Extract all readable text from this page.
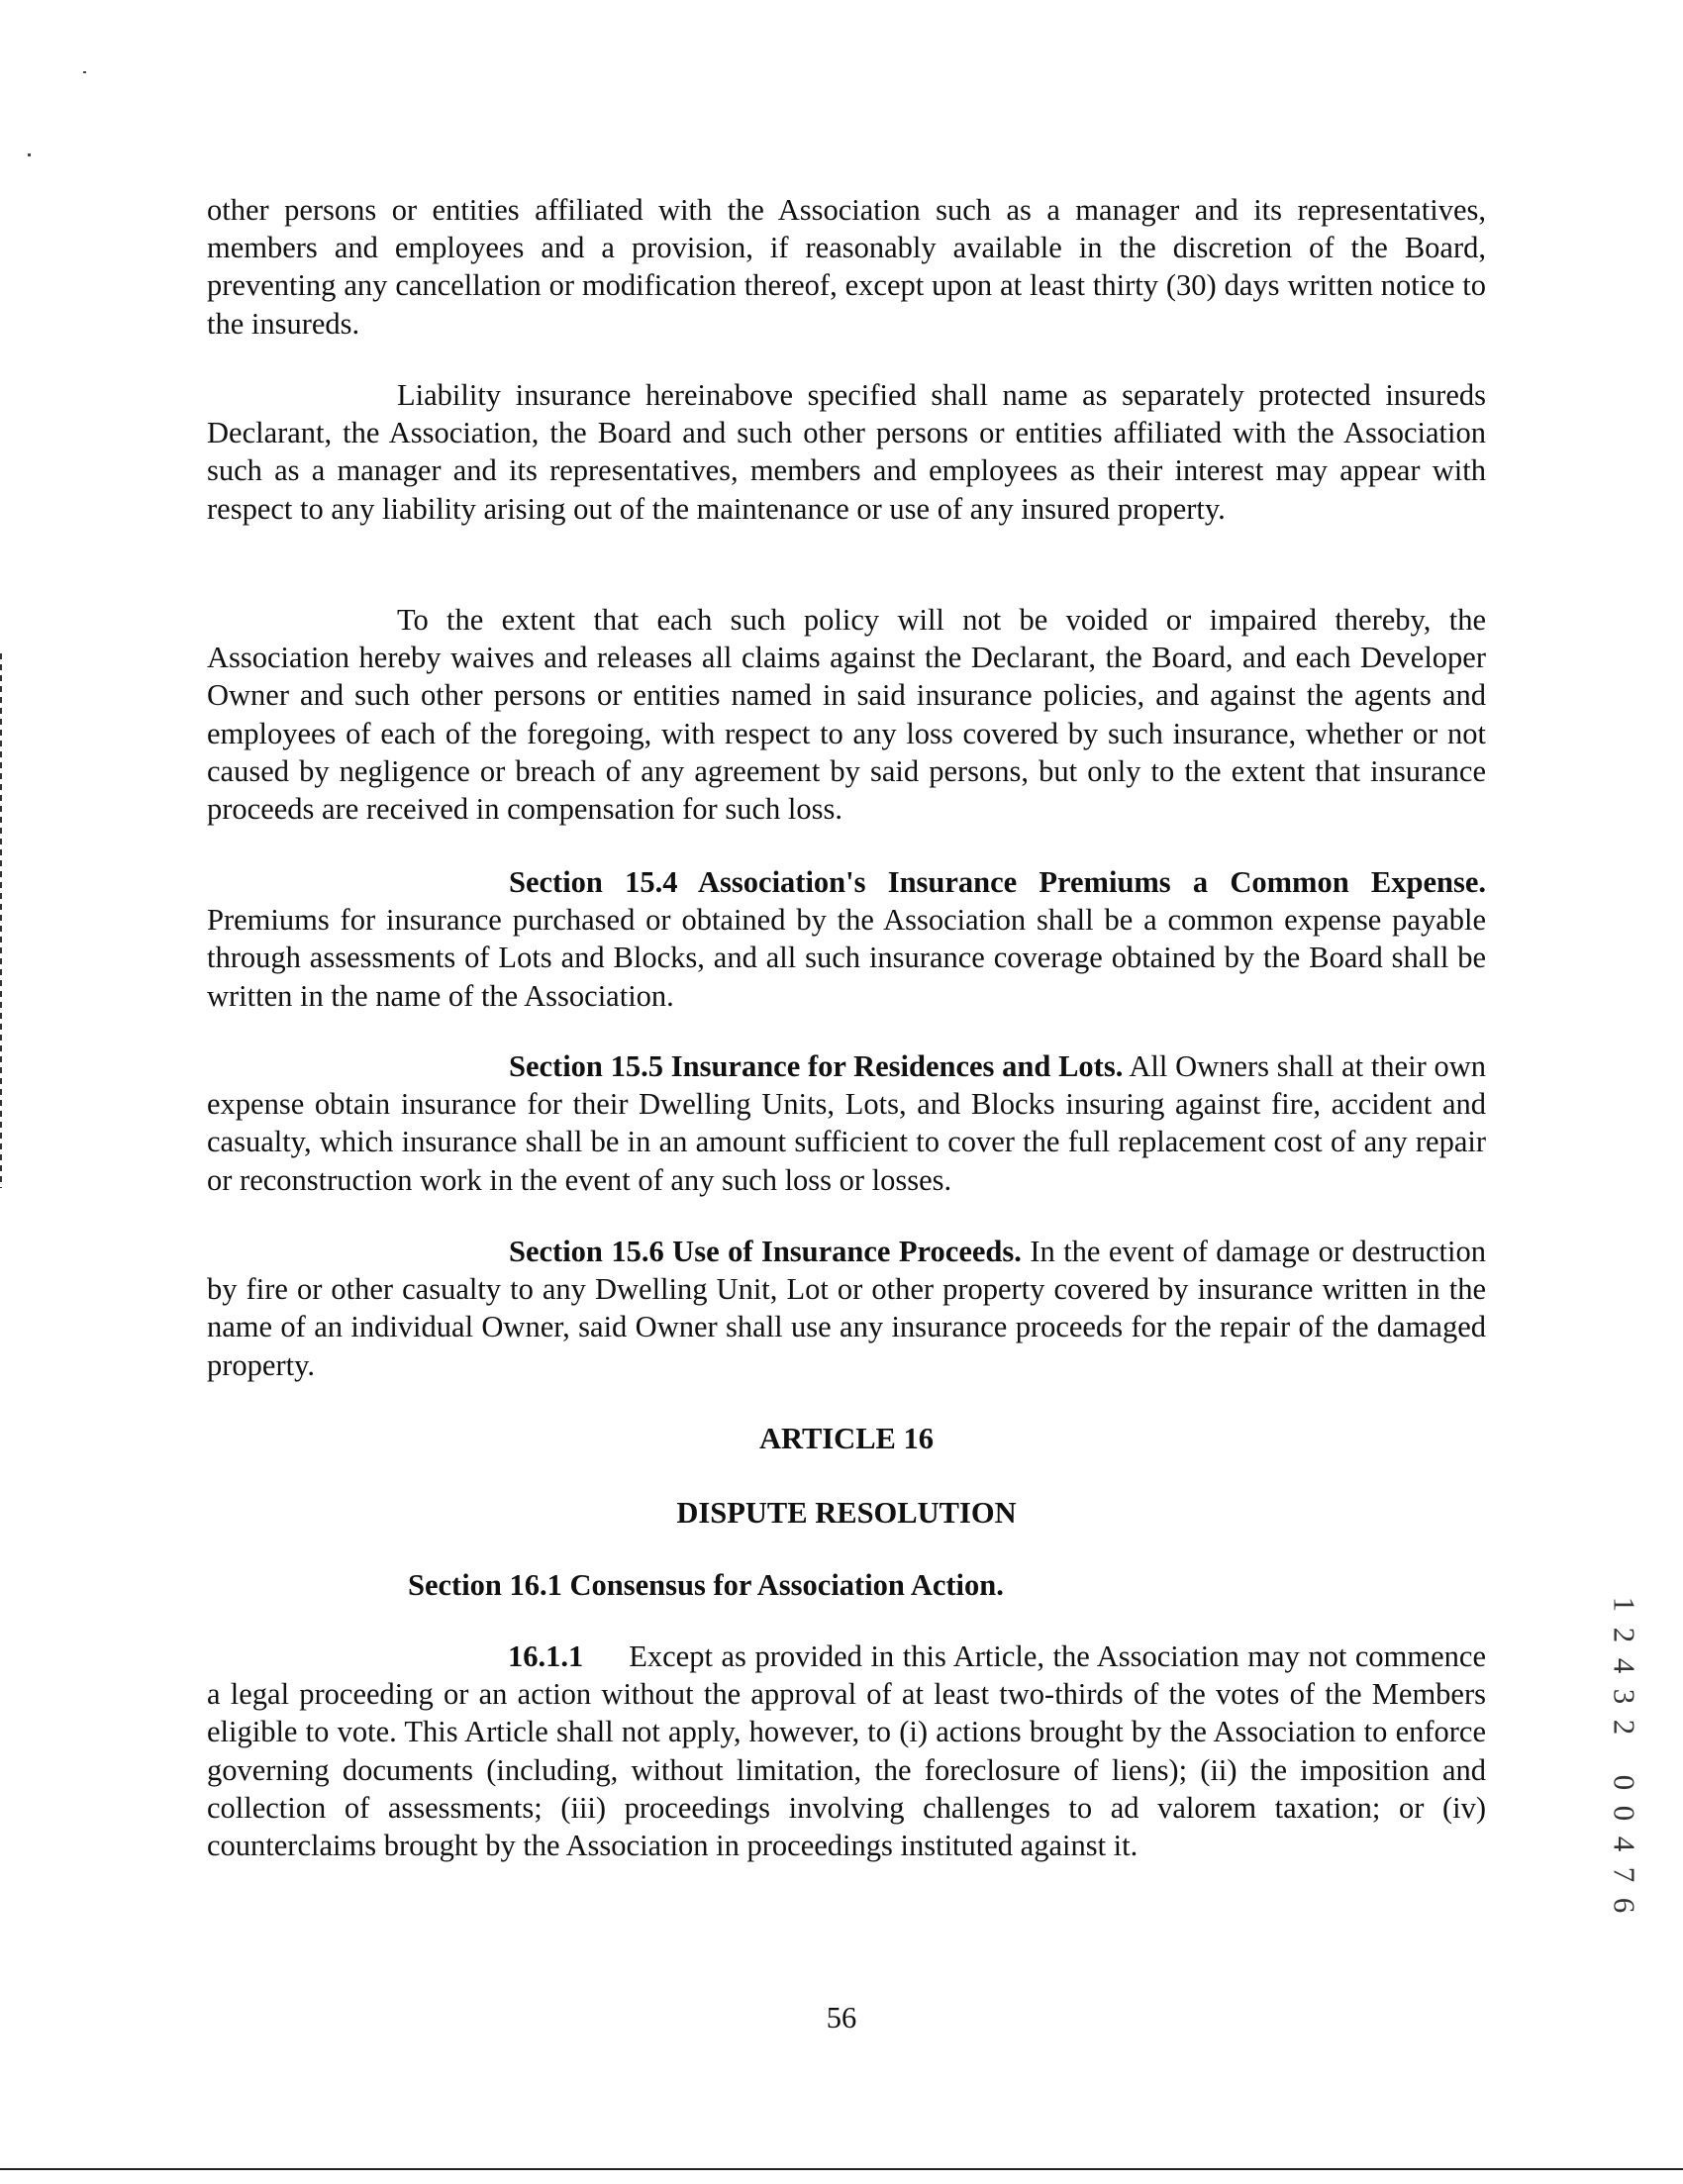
other persons or entities affiliated with the Association such as a manager and its representatives, members and employees and a provision, if reasonably available in the discretion of the Board, preventing any cancellation or modification thereof, except upon at least thirty (30) days written notice to the insureds.

Liability insurance hereinabove specified shall name as separately protected insureds Declarant, the Association, the Board and such other persons or entities affiliated with the Association such as a manager and its representatives, members and employees as their interest may appear with respect to any liability arising out of the maintenance or use of any insured property.

To the extent that each such policy will not be voided or impaired thereby, the Association hereby waives and releases all claims against the Declarant, the Board, and each Developer Owner and such other persons or entities named in said insurance policies, and against the agents and employees of each of the foregoing, with respect to any loss covered by such insurance, whether or not caused by negligence or breach of any agreement by said persons, but only to the extent that insurance proceeds are received in compensation for such loss.

Section 15.4 Association's Insurance Premiums a Common Expense. Premiums for insurance purchased or obtained by the Association shall be a common expense payable through assessments of Lots and Blocks, and all such insurance coverage obtained by the Board shall be written in the name of the Association.

Section 15.5 Insurance for Residences and Lots. All Owners shall at their own expense obtain insurance for their Dwelling Units, Lots, and Blocks insuring against fire, accident and casualty, which insurance shall be in an amount sufficient to cover the full replacement cost of any repair or reconstruction work in the event of any such loss or losses.

Section 15.6 Use of Insurance Proceeds. In the event of damage or destruction by fire or other casualty to any Dwelling Unit, Lot or other property covered by insurance written in the name of an individual Owner, said Owner shall use any insurance proceeds for the repair of the damaged property.

ARTICLE 16

DISPUTE RESOLUTION

Section 16.1 Consensus for Association Action.

16.1.1 Except as provided in this Article, the Association may not commence a legal proceeding or an action without the approval of at least two-thirds of the votes of the Members eligible to vote. This Article shall not apply, however, to (i) actions brought by the Association to enforce governing documents (including, without limitation, the foreclosure of liens); (ii) the imposition and collection of assessments; (iii) proceedings involving challenges to ad valorem taxation; or (iv) counterclaims brought by the Association in proceedings instituted against it.

56

1
2
4
3
2
0
0
4
7
6
